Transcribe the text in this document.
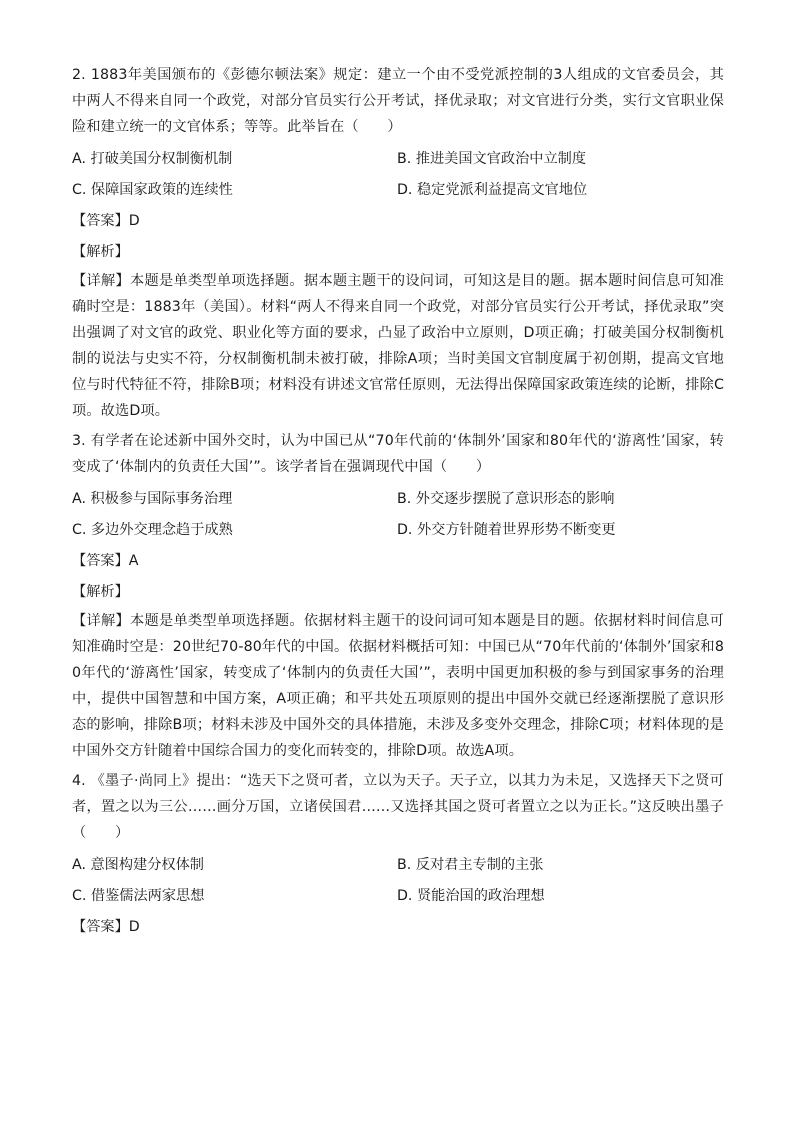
2. 1883年美国颁布的《彭德尔顿法案》规定：建立一个由不受党派控制的3人组成的文官委员会，其中两人不得来自同一个政党，对部分官员实行公开考试，择优录取；对文官进行分类，实行文官职业保险和建立统一的文官体系；等等。此举旨在（　　）

A. 打破美国分权制衡机制	B. 推进美国文官政治中立制度
C. 保障国家政策的连续性	D. 稳定党派利益提高文官地位

【答案】D

【解析】

【详解】本题是单类型单项选择题。据本题主题干的设问词，可知这是目的题。据本题时间信息可知准确时空是：1883年（美国）。材料“两人不得来自同一个政党，对部分官员实行公开考试，择优录取”突出强调了对文官的政党、职业化等方面的要求，凸显了政治中立原则，D项正确；打破美国分权制衡机制的说法与史实不符，分权制衡机制未被打破，排除A项；当时美国文官制度属于初创期，提高文官地位与时代特征不符，排除B项；材料没有讲述文官常任原则，无法得出保障国家政策连续的论断，排除C项。故选D项。

3. 有学者在论述新中国外交时，认为中国已从“70年代前的‘体制外’国家和80年代的‘游离性’国家，转变成了‘体制内的负责任大国’”。该学者旨在强调现代中国（　　）

A. 积极参与国际事务治理	B. 外交逐步摆脱了意识形态的影响
C. 多边外交理念趋于成熟	D. 外交方针随着世界形势不断变更

【答案】A

【解析】

【详解】本题是单类型单项选择题。依据材料主题干的设问词可知本题是目的题。依据材料时间信息可知准确时空是：20世纪70-80年代的中国。依据材料概括可知：中国已从“70年代前的‘体制外’国家和80年代的‘游离性’国家，转变成了‘体制内的负责任大国’”，表明中国更加积极的参与到国家事务的治理中，提供中国智慧和中国方案，A项正确；和平共处五项原则的提出中国外交就已经逐渐摆脱了意识形态的影响，排除B项；材料未涉及中国外交的具体措施，未涉及多变外交理念，排除C项；材料体现的是中国外交方针随着中国综合国力的变化而转变的，排除D项。故选A项。

4. 《墨子·尚同上》提出：“选天下之贤可者，立以为天子。天子立，以其力为未足，又选择天下之贤可者，置之以为三公……画分万国，立诸侯国君……又选择其国之贤可者置立之以为正长。”这反映出墨子（　　）

A. 意图构建分权体制	B. 反对君主专制的主张
C. 借鉴儒法两家思想	D. 贤能治国的政治理想

【答案】D
